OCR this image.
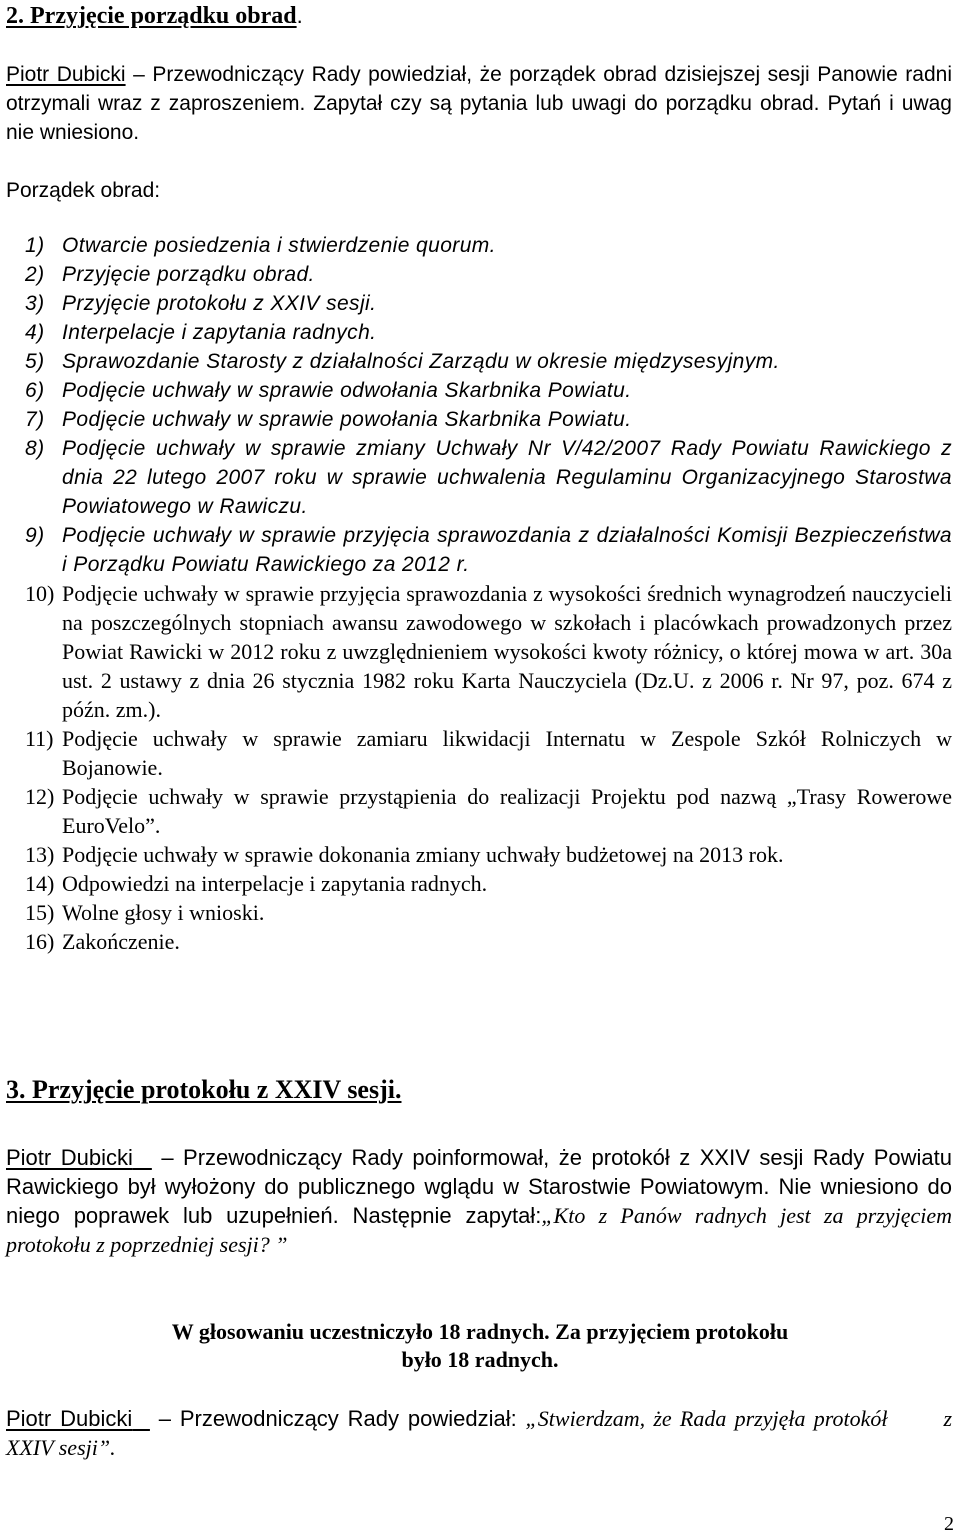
2. Przyjęcie porządku obrad.
Piotr Dubicki – Przewodniczący Rady powiedział, że porządek obrad dzisiejszej sesji Panowie radni otrzymali wraz z zaproszeniem. Zapytał czy są pytania lub uwagi do porządku obrad. Pytań i uwag nie wniesiono.
Porządek obrad:
1) Otwarcie posiedzenia i stwierdzenie quorum.
2) Przyjęcie porządku obrad.
3) Przyjęcie protokołu z XXIV sesji.
4) Interpelacje i zapytania radnych.
5) Sprawozdanie Starosty z działalności Zarządu w okresie międzysesyjnym.
6) Podjęcie uchwały w sprawie odwołania Skarbnika Powiatu.
7) Podjęcie uchwały w sprawie powołania Skarbnika Powiatu.
8) Podjęcie uchwały w sprawie zmiany Uchwały Nr V/42/2007 Rady Powiatu Rawickiego z dnia 22 lutego 2007 roku w sprawie uchwalenia Regulaminu Organizacyjnego Starostwa Powiatowego w Rawiczu.
9) Podjęcie uchwały w sprawie przyjęcia sprawozdania z działalności Komisji Bezpieczeństwa i Porządku Powiatu Rawickiego za 2012 r.
10) Podjęcie uchwały w sprawie przyjęcia sprawozdania z wysokości średnich wynagrodzeń nauczycieli na poszczególnych stopniach awansu zawodowego w szkołach i placówkach prowadzonych przez Powiat Rawicki w 2012 roku z uwzględnieniem wysokości kwoty różnicy, o której mowa w art. 30a ust. 2 ustawy z dnia 26 stycznia 1982 roku Karta Nauczyciela (Dz.U. z 2006 r. Nr 97, poz. 674 z późn. zm.).
11) Podjęcie uchwały w sprawie zamiaru likwidacji Internatu w Zespole Szkół Rolniczych w Bojanowie.
12) Podjęcie uchwały w sprawie przystąpienia do realizacji Projektu pod nazwą „Trasy Rowerowe EuroVelo”.
13) Podjęcie uchwały w sprawie dokonania zmiany uchwały budżetowej na 2013 rok.
14) Odpowiedzi na interpelacje i zapytania radnych.
15) Wolne głosy i wnioski.
16) Zakończenie.
3. Przyjęcie protokołu z XXIV sesji.
Piotr Dubicki – Przewodniczący Rady poinformował, że protokół z XXIV sesji Rady Powiatu Rawickiego był wyłożony do publicznego wglądu w Starostwie Powiatowym. Nie wniesiono do niego poprawek lub uzupełnień. Następnie zapytał:„Kto z Panów radnych jest za przyjęciem protokołu z poprzedniej sesji? ”
W głosowaniu uczestniczyło 18 radnych. Za przyjęciem protokołu
było 18 radnych.
Piotr Dubicki – Przewodniczący Rady powiedział: „Stwierdzam, że Rada przyjęła protokół	z XXIV sesji”.
2
